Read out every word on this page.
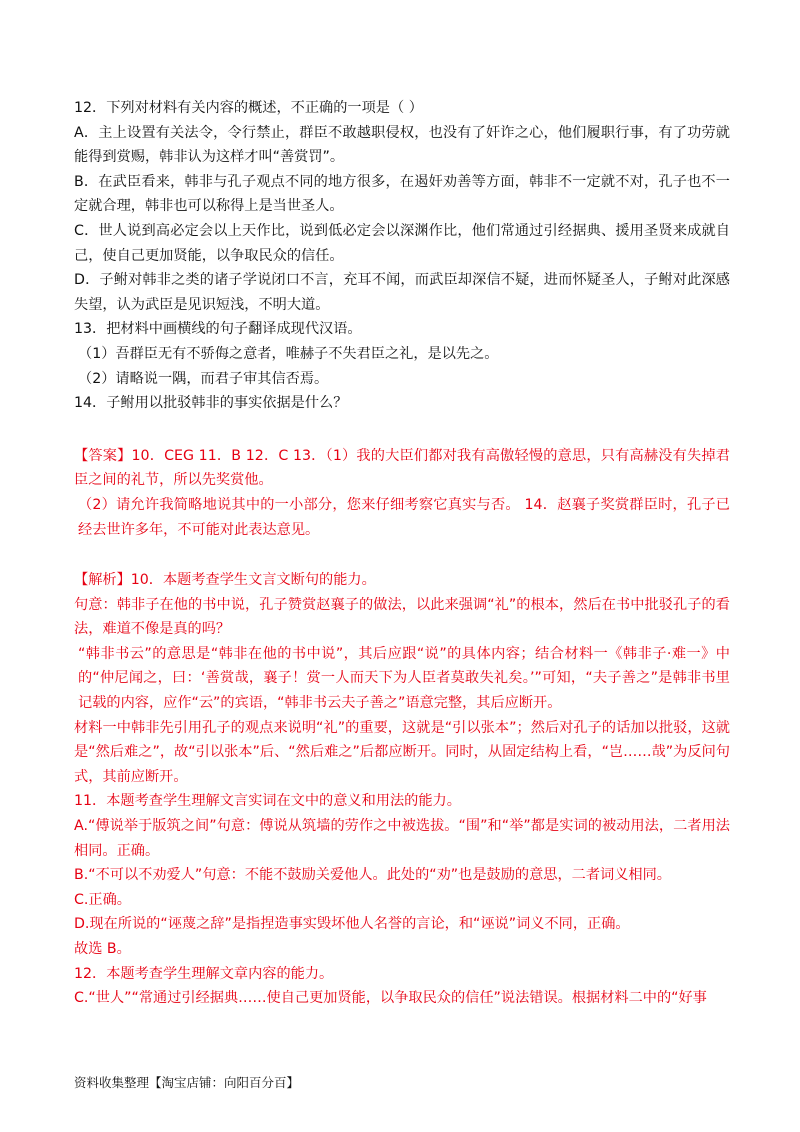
12．下列对材料有关内容的概述，不正确的一项是（ ）

A．主上设置有关法令，令行禁止，群臣不敢越职侵权，也没有了奸诈之心，他们履职行事，有了功劳就能得到赏赐，韩非认为这样才叫“善赏罚”。

B．在武臣看来，韩非与孔子观点不同的地方很多，在遏奸劝善等方面，韩非不一定就不对，孔子也不一定就合理，韩非也可以称得上是当世圣人。

C．世人说到高必定会以上天作比，说到低必定会以深渊作比，他们常通过引经据典、援用圣贤来成就自己，使自己更加贤能，以争取民众的信任。

D．子鲋对韩非之类的诸子学说闭口不言，充耳不闻，而武臣却深信不疑，进而怀疑圣人，子鲋对此深感失望，认为武臣是见识短浅，不明大道。

13．把材料中画横线的句子翻译成现代汉语。

（1）吾群臣无有不骄侮之意者，唯赫子不失君臣之礼，是以先之。

（2）请略说一隅，而君子审其信否焉。

14．子鲋用以批驳韩非的事实依据是什么？

【答案】10．CEG 11．B 12．C 13．（1）我的大臣们都对我有高傲轻慢的意思，只有高赫没有失掉君臣之间的礼节，所以先奖赏他。

（2）请允许我简略地说其中的一小部分，您来仔细考察它真实与否。 14．赵襄子奖赏群臣时，孔子已经去世许多年，不可能对此表达意见。

【解析】10．本题考查学生文言文断句的能力。

句意：韩非子在他的书中说，孔子赞赏赵襄子的做法，以此来强调“礼”的根本，然后在书中批驳孔子的看法，难道不像是真的吗？

“韩非书云”的意思是“韩非在他的书中说”，其后应跟“说”的具体内容；结合材料一《韩非子·难一》中的“仲尼闻之，曰：‘善赏哉，襄子！赏一人而天下为人臣者莫敢失礼矣。’”可知，“夫子善之”是韩非书里记载的内容，应作“云”的宾语，“韩非书云夫子善之”语意完整，其后应断开。

材料一中韩非先引用孔子的观点来说明“礼”的重要，这就是“引以张本”；然后对孔子的话加以批驳，这就是“然后难之”，故“引以张本”后、“然后难之”后都应断开。同时，从固定结构上看，“岂……哉”为反问句式，其前应断开。

11．本题考查学生理解文言实词在文中的意义和用法的能力。

A.“傅说举于版筑之间”句意：傅说从筑墙的劳作之中被选拔。“围”和“举”都是实词的被动用法，二者用法相同。正确。

B.“不可以不劝爱人”句意：不能不鼓励关爱他人。此处的“劝”也是鼓励的意思，二者词义相同。

C.正确。

D.现在所说的“诬蔑之辞”是指捏造事实毁坏他人名誉的言论，和“诬说”词义不同，正确。

故选 B。

12．本题考查学生理解文章内容的能力。

C.“世人”“常通过引经据典……使自己更加贤能，以争取民众的信任”说法错误。根据材料二中的“好事

资料收集整理【淘宝店铺：向阳百分百】
